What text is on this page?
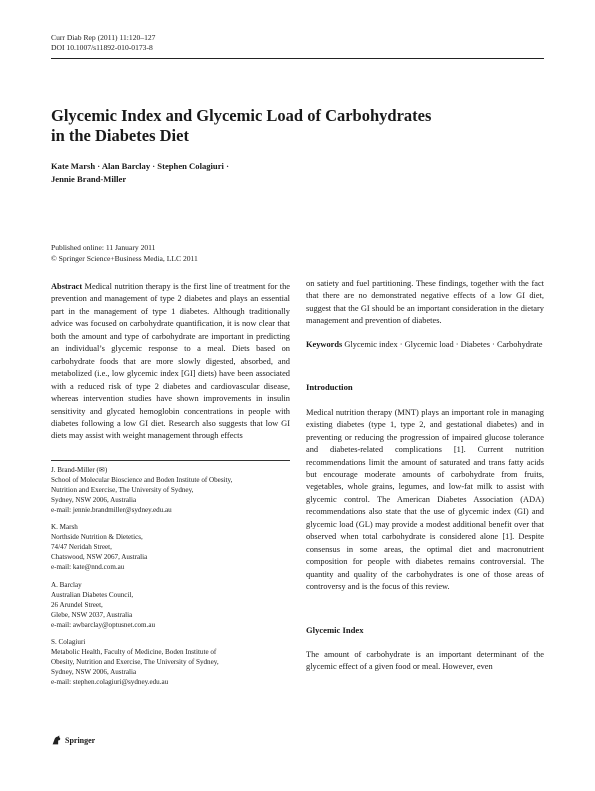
Curr Diab Rep (2011) 11:120–127
DOI 10.1007/s11892-010-0173-8
Glycemic Index and Glycemic Load of Carbohydrates
in the Diabetes Diet
Kate Marsh · Alan Barclay · Stephen Colagiuri ·
Jennie Brand-Miller
Published online: 11 January 2011
© Springer Science+Business Media, LLC 2011

Abstract Medical nutrition therapy is the first line of treatment for the prevention and management of type 2 diabetes and plays an essential part in the management of type 1 diabetes. Although traditionally advice was focused on carbohydrate quantification, it is now clear that both the amount and type of carbohydrate are important in predicting an individual’s glycemic response to a meal. Diets based on carbohydrate foods that are more slowly digested, absorbed, and metabolized (i.e., low glycemic index [GI] diets) have been associated with a reduced risk of type 2 diabetes and cardiovascular disease, whereas intervention studies have shown improvements in insulin sensitivity and glycated hemoglobin concentrations in people with diabetes following a low GI diet. Research also suggests that low GI diets may assist with weight management through effects

J. Brand-Miller (✉)
School of Molecular Bioscience and Boden Institute of Obesity,
Nutrition and Exercise, The University of Sydney,
Sydney, NSW 2006, Australia
e-mail: jennie.brandmiller@sydney.edu.au
K. Marsh
Northside Nutrition & Dietetics,
74/47 Neridah Street,
Chatswood, NSW 2067, Australia
e-mail: kate@nnd.com.au
A. Barclay
Australian Diabetes Council,
26 Arundel Street,
Glebe, NSW 2037, Australia
e-mail: awbarclay@optusnet.com.au
S. Colagiuri
Metabolic Health, Faculty of Medicine, Boden Institute of
Obesity, Nutrition and Exercise, The University of Sydney,
Sydney, NSW 2006, Australia
e-mail: stephen.colagiuri@sydney.edu.au

on satiety and fuel partitioning. These findings, together with the fact that there are no demonstrated negative effects of a low GI diet, suggest that the GI should be an important consideration in the dietary management and prevention of diabetes.

Keywords Glycemic index · Glycemic load · Diabetes · Carbohydrate

Introduction

Medical nutrition therapy (MNT) plays an important role in managing existing diabetes (type 1, type 2, and gestational diabetes) and in preventing or reducing the progression of impaired glucose tolerance and diabetes-related complications [1]. Current nutrition recommendations limit the amount of saturated and trans fatty acids but encourage moderate amounts of carbohydrate from fruits, vegetables, whole grains, legumes, and low-fat milk to assist with glycemic control. The American Diabetes Association (ADA) recommendations also state that the use of glycemic index (GI) and glycemic load (GL) may provide a modest additional benefit over that observed when total carbohydrate is considered alone [1]. Despite consensus in some areas, the optimal diet and macronutrient composition for people with diabetes remains controversial. The quantity and quality of the carbohydrates is one of those areas of controversy and is the focus of this review.

Glycemic Index

The amount of carbohydrate is an important determinant of the glycemic effect of a given food or meal. However, even

Springer
